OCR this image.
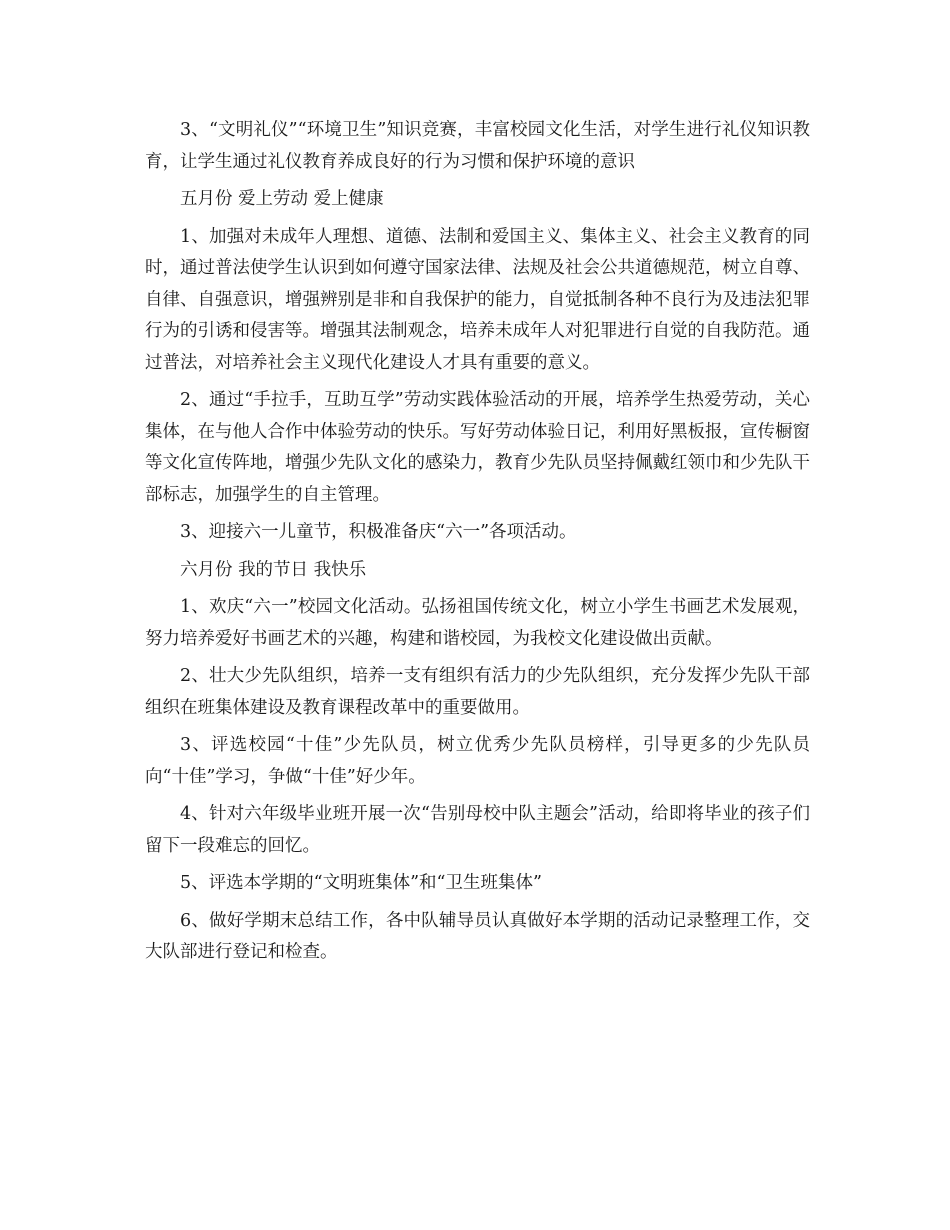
3、“文明礼仪”“环境卫生”知识竞赛，丰富校园文化生活，对学生进行礼仪知识教育，让学生通过礼仪教育养成良好的行为习惯和保护环境的意识

五月份 爱上劳动 爱上健康

1、加强对未成年人理想、道德、法制和爱国主义、集体主义、社会主义教育的同时，通过普法使学生认识到如何遵守国家法律、法规及社会公共道德规范，树立自尊、自律、自强意识，增强辨别是非和自我保护的能力，自觉抵制各种不良行为及违法犯罪行为的引诱和侵害等。增强其法制观念，培养未成年人对犯罪进行自觉的自我防范。通过普法，对培养社会主义现代化建设人才具有重要的意义。

2、通过“手拉手，互助互学”劳动实践体验活动的开展，培养学生热爱劳动，关心集体，在与他人合作中体验劳动的快乐。写好劳动体验日记，利用好黑板报，宣传橱窗等文化宣传阵地，增强少先队文化的感染力，教育少先队员坚持佩戴红领巾和少先队干部标志，加强学生的自主管理。

3、迎接六一儿童节，积极准备庆“六一”各项活动。

六月份 我的节日 我快乐

1、欢庆“六一”校园文化活动。弘扬祖国传统文化，树立小学生书画艺术发展观，努力培养爱好书画艺术的兴趣，构建和谐校园，为我校文化建设做出贡献。

2、壮大少先队组织，培养一支有组织有活力的少先队组织，充分发挥少先队干部组织在班集体建设及教育课程改革中的重要做用。

3、评选校园“十佳”少先队员，树立优秀少先队员榜样，引导更多的少先队员向“十佳”学习，争做“十佳”好少年。

4、针对六年级毕业班开展一次“告别母校中队主题会”活动，给即将毕业的孩子们留下一段难忘的回忆。

5、评选本学期的“文明班集体”和“卫生班集体”

6、做好学期末总结工作，各中队辅导员认真做好本学期的活动记录整理工作，交大队部进行登记和检查。
